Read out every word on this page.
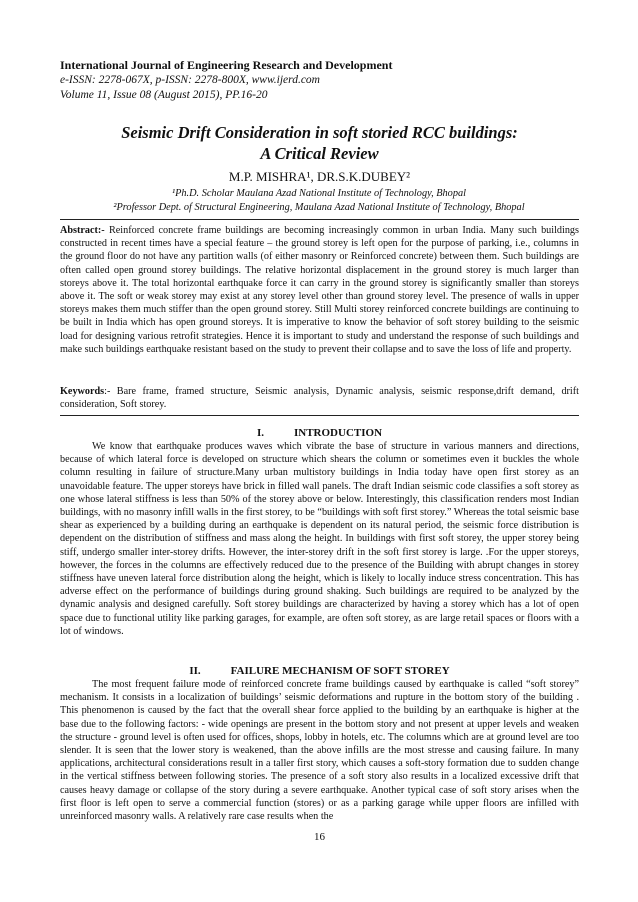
International Journal of Engineering Research and Development
e-ISSN: 2278-067X, p-ISSN: 2278-800X, www.ijerd.com
Volume 11, Issue 08 (August 2015), PP.16-20
Seismic Drift Consideration in soft storied RCC buildings:
A Critical Review
M.P. MISHRA¹, DR.S.K.DUBEY²
¹Ph.D. Scholar Maulana Azad National Institute of Technology, Bhopal
²Professor Dept. of Structural Engineering, Maulana Azad National Institute of Technology, Bhopal
Abstract:- Reinforced concrete frame buildings are becoming increasingly common in urban India. Many such buildings constructed in recent times have a special feature – the ground storey is left open for the purpose of parking, i.e., columns in the ground floor do not have any partition walls (of either masonry or Reinforced concrete) between them. Such buildings are often called open ground storey buildings. The relative horizontal displacement in the ground storey is much larger than storeys above it. The total horizontal earthquake force it can carry in the ground storey is significantly smaller than storeys above it. The soft or weak storey may exist at any storey level other than ground storey level. The presence of walls in upper storeys makes them much stiffer than the open ground storey. Still Multi storey reinforced concrete buildings are continuing to be built in India which has open ground storeys. It is imperative to know the behavior of soft storey building to the seismic load for designing various retrofit strategies. Hence it is important to study and understand the response of such buildings and make such buildings earthquake resistant based on the study to prevent their collapse and to save the loss of life and property.
Keywords:- Bare frame, framed structure, Seismic analysis, Dynamic analysis, seismic response,drift demand, drift consideration, Soft storey.
I.	INTRODUCTION
We know that earthquake produces waves which vibrate the base of structure in various manners and directions, because of which lateral force is developed on structure which shears the column or sometimes even it buckles the whole column resulting in failure of structure.Many urban multistory buildings in India today have open first storey as an unavoidable feature. The upper storeys have brick in filled wall panels. The draft Indian seismic code classifies a soft storey as one whose lateral stiffness is less than 50% of the storey above or below. Interestingly, this classification renders most Indian buildings, with no masonry infill walls in the first storey, to be “buildings with soft first storey.” Whereas the total seismic base shear as experienced by a building during an earthquake is dependent on its natural period, the seismic force distribution is dependent on the distribution of stiffness and mass along the height. In buildings with first soft storey, the upper storey being stiff, undergo smaller inter-storey drifts. However, the inter-storey drift in the soft first storey is large. .For the upper storeys, however, the forces in the columns are effectively reduced due to the presence of the Building with abrupt changes in storey stiffness have uneven lateral force distribution along the height, which is likely to locally induce stress concentration. This has adverse effect on the performance of buildings during ground shaking. Such buildings are required to be analyzed by the dynamic analysis and designed carefully. Soft storey buildings are characterized by having a storey which has a lot of open space due to functional utility like parking garages, for example, are often soft storey, as are large retail spaces or floors with a lot of windows.
II.	FAILURE MECHANISM OF SOFT STOREY
The most frequent failure mode of reinforced concrete frame buildings caused by earthquake is called “soft storey” mechanism. It consists in a localization of buildings’ seismic deformations and rupture in the bottom story of the building . This phenomenon is caused by the fact that the overall shear force applied to the building by an earthquake is higher at the base due to the following factors: - wide openings are present in the bottom story and not present at upper levels and weaken the structure - ground level is often used for offices, shops, lobby in hotels, etc. The columns which are at ground level are too slender. It is seen that the lower story is weakened, than the above infills are the most stresse and causing failure. In many applications, architectural considerations result in a taller first story, which causes a soft-story formation due to sudden change in the vertical stiffness between following stories. The presence of a soft story also results in a localized excessive drift that causes heavy damage or collapse of the story during a severe earthquake. Another typical case of soft story arises when the first floor is left open to serve a commercial function (stores) or as a parking garage while upper floors are infilled with unreinforced masonry walls. A relatively rare case results when the
16
